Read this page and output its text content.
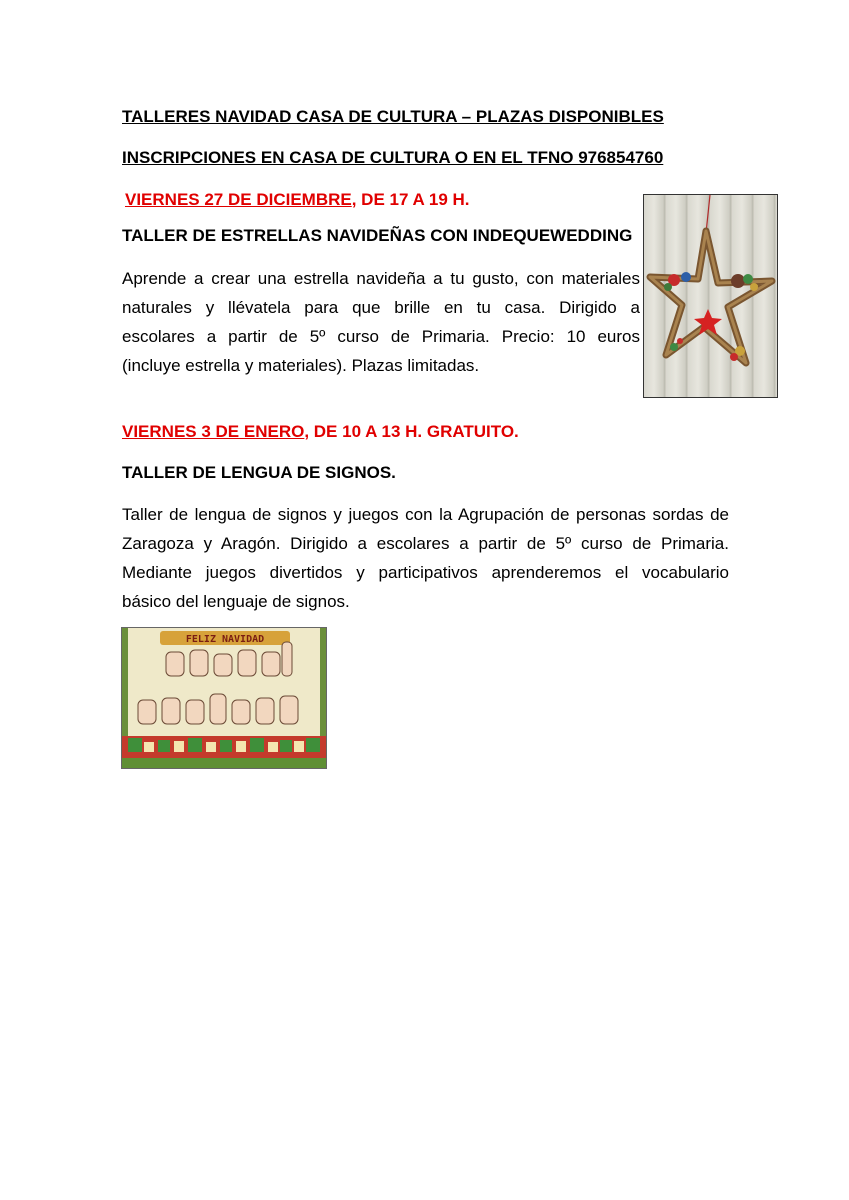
TALLERES NAVIDAD CASA DE CULTURA – PLAZAS DISPONIBLES
INSCRIPCIONES EN CASA DE CULTURA O EN EL TFNO 976854760
VIERNES 27 DE DICIEMBRE, DE 17 A 19 H.
TALLER DE ESTRELLAS NAVIDEÑAS CON INDEQUEWEDDING
Aprende a crear una estrella navideña a tu gusto, con materiales
naturales y llévatela para que brille en tu casa. Dirigido a
escolares a partir de 5º curso de Primaria. Precio: 10 euros
(incluye estrella y materiales). Plazas limitadas.
VIERNES 3 DE ENERO, DE 10 A 13 H. GRATUITO.
TALLER DE LENGUA DE SIGNOS.
Taller de lengua de signos y juegos con la Agrupación de personas sordas de
Zaragoza y Aragón. Dirigido a escolares a partir de 5º curso de Primaria.
Mediante juegos divertidos y participativos aprenderemos el vocabulario
básico del lenguaje de signos.
FELIZ NAVIDAD
